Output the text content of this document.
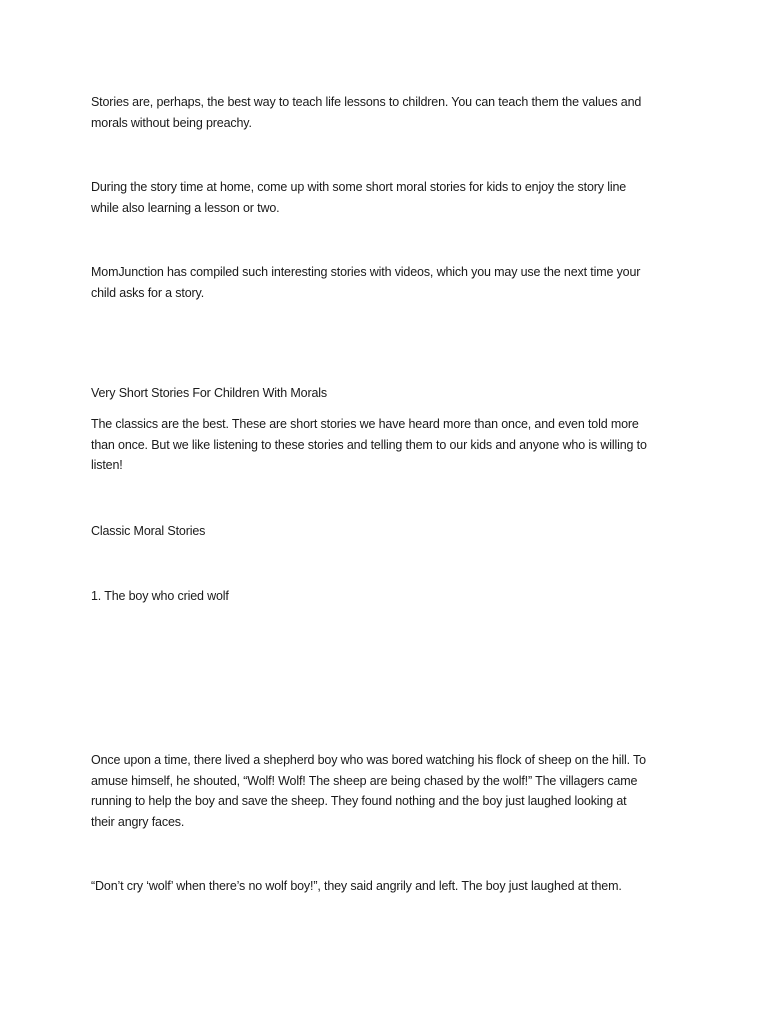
Stories are, perhaps, the best way to teach life lessons to children. You can teach them the values and
morals without being preachy.

During the story time at home, come up with some short moral stories for kids to enjoy the story line
while also learning a lesson or two.

MomJunction has compiled such interesting stories with videos, which you may use the next time your
child asks for a story.

Very Short Stories For Children With Morals

The classics are the best. These are short stories we have heard more than once, and even told more
than once. But we like listening to these stories and telling them to our kids and anyone who is willing to
listen!

Classic Moral Stories

1. The boy who cried wolf

Once upon a time, there lived a shepherd boy who was bored watching his flock of sheep on the hill. To
amuse himself, he shouted, “Wolf! Wolf! The sheep are being chased by the wolf!” The villagers came
running to help the boy and save the sheep. They found nothing and the boy just laughed looking at
their angry faces.

“Don’t cry ‘wolf’ when there’s no wolf boy!”, they said angrily and left. The boy just laughed at them.
